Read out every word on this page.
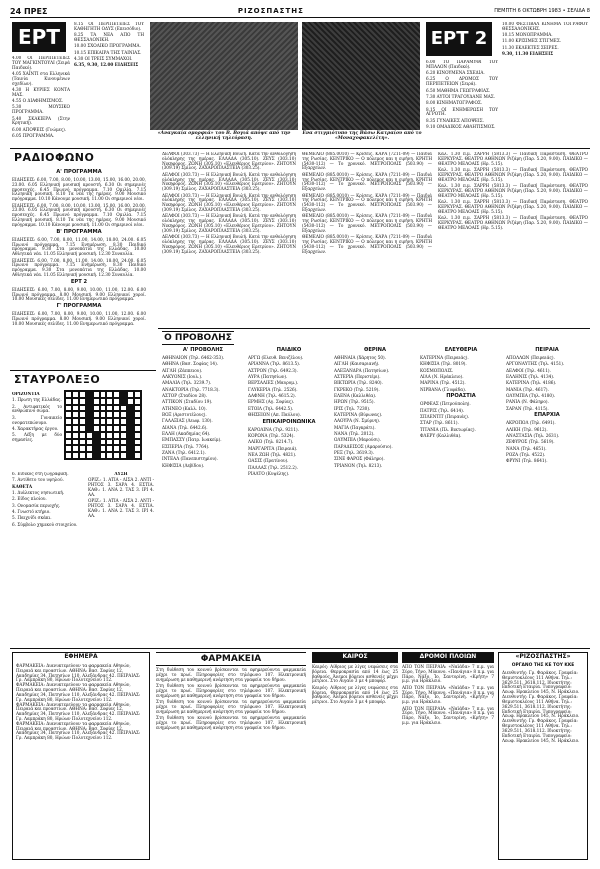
24 ΠΡΕΣ	ΡΙΖΟΣΠΑΣΤΗΣ	ΠΕΜΠΤΗ 6 ΟΚΤΩΒΡΗ 1983 • ΣΕΛΙΔΑ 8
ΕΡΤ

4.00 ΟΙ ΠΕΡΙΠΕΤΕΙΕΣ ΤΟΥ ΜΑΓΚΙΝΤΟΥΛΙ (Σειρά Παιδικό).

4.05 ΧΑΪΝΤΙ στα Ελληνικά (Ταινία Κινουμένων σχεδίων).

4.30 Η ΚΥΡΙΕΣ ΚΟΝΤΑ ΜΑΣ.

4.55 Ο ΔΙΑΦΗΜΙΣΜΟΣ.

5.30 ΜΟΥΣΙΚΟ ΠΡΟΓΡΑΜΜΑ.

5.40 ΣΚΑΚΙΕΡΑ (Στην Κρητική).

6.00 ΑΠΟΨΕΙΣ (Γνώμες).

6.05 ΠΡΟΓΡΑΜΜΑ.

8.15 ΟΙ ΠΕΡΙΠΕΤΕΙΕΣ ΤΟΥ ΚΑΘΗΓΗΤΗ ΟΔΥΣ (Επεισόδιο).

8.25 ΤΑ ΝΕΑ ΑΠΟ ΤΗ ΘΕΣΣΑΛΟΝΙΚΗ.

10.00 ΣΧΟΛΙΚΟ ΠΡΟΓΡΑΜΜΑ.

10.15 ΕΠΙΚΑΙΡΑ ΤΗΣ ΤΑΙΝΙΑΣ.

4.30 ΟΙ ΤΡΕΙΣ ΣΥΜΜΑΧΟΙ.

6.35, 9.30, 12.00 ΕΙΔΗΣΕΙΣ

«Αναγκαία ομορφιά» του Β. Βογιά απόψε από την ελληνική τηλεόραση.
Ενα στιγμιότυπο της Βάσω Κατραίου από το «Μοναχοφακελίτη».
ΕΡΤ 2

6.00 ΤΟ ΠΑΡΑΜΥΘΙ ΤΟΥ ΜΠΑΛΟΝ (Παιδικό).

6.20 ΚΙΝΟΥΜΕΝΑ ΣΧΕΔΙΑ.

6.25 Ο ΔΡΟΜΟΣ ΤΟΥ ΠΕΡΙΠΕΤΕΙΩΝ (Σειρά).

6.50 ΜΑΘΗΜΑ ΓΕΩΓΡΑΦΙΑΣ.

7.30 ΑΥΤΟΙ ΤΡΑΓΟΥΔΑΝΕ ΜΑΣ.

8.00 ΚΙΝΗΜΑΤΟΓΡΑΦΟΣ.

8.15 ΟΙ ΕΝΗΜΕΡΩΣΗ ΤΟΥ ΑΓΡΟΤΗ.

8.35 ΓΥΝΑΙΚΕΣ ΑΠΟΨΕΙΣ.

9.10 ΟΜΑΔΙΚΟΣ ΑΘΛΗΤΙΣΜΟΣ.

10.00 ΦΕΣΤΙΒΑΛ ΚΙΝΗΜΑ ΤΟΓΡΑΦΟΥ ΘΕΣΣΑΛΟΝΙΚΗΣ.

10.15 ΜΟΝΟΠΡΑΜΜΑ.

11.00 ΚΡΙΣΙΜΕΣ ΣΤΙΓΜΕΣ.

11.30 ΕΚΛΕΚΤΕΣ ΣΕΙΡΕΣ.

9.30, 11.30 ΕΙΔΗΣΕΙΣ

ΡΑΔΙΟΦΩΝΟ
Α' ΠΡΟΓΡΑΜΜΑ

ΕΙΔΗΣΕΙΣ: 6.00, 7.00, 8.00, 10.00, 13.00, 15.00, 16.00, 20.00, 23.00. 6.05 Ελληνική μουσική κρουστή. 6.30 Οι σημερινές προσευχές. 6.45 Πρωινό πρόγραμμα. 7.10 Ομιλία. 7.15 Ελληνική μουσική. 8.10 Τα νέα της ημέρας. 9.00 Μουσικό πρόγραμμα. 10.10 Κάνουμε μουσική. 11.00 Οι σημερινοί νέοι.

ΕΙΔΗΣΕΙΣ: 6.00, 7.00, 8.00, 10.00, 13.00, 15.00, 16.00, 20.00, 23.00. 6.05 Ελληνική μουσική κρουστή. 6.30 Οι σημερινές προσευχές. 6.45 Πρωινό πρόγραμμα. 7.10 Ομιλία. 7.15 Ελληνική μουσική. 8.10 Τα νέα της ημέρας. 9.00 Μουσικό πρόγραμμα. 10.10 Κάνουμε μουσική. 11.00 Οι σημερινοί νέοι.

Β' ΠΡΟΓΡΑΜΜΑ

ΕΙΔΗΣΕΙΣ: 6.00, 7.00, 8.00, 11.00, 14.00, 18.00, 24.00. 6.05 Πρωινό πρόγραμμα. 7.15 Ενημέρωση. 8.30 Παιδικό πρόγραμμα. 9.30 Στα μονοπάτια της Ελλάδας. 10.00 Αθλητικά νέα. 11.05 Ελληνική μουσική. 12.30 Συναυλία.

ΕΙΔΗΣΕΙΣ: 6.00, 7.00, 8.00, 11.00, 14.00, 18.00, 24.00. 6.05 Πρωινό πρόγραμμα. 7.15 Ενημέρωση. 8.30 Παιδικό πρόγραμμα. 9.30 Στα μονοπάτια της Ελλάδας. 10.00 Αθλητικά νέα. 11.05 Ελληνική μουσική. 12.30 Συναυλία.

ΕΡΤ 2

ΕΙΔΗΣΕΙΣ: 6.00, 7.00, 8.00, 9.00, 10.00, 11.00, 12.00. 6.00 Πρωινό πρόγραμμα. 8.00 Μουσική. 9.00 Ελληνικοί χοροί. 10.00 Μουσικές σελίδες. 11.00 Ενημερωτικό πρόγραμμα.

Γ' ΠΡΟΓΡΑΜΜΑ

ΕΙΔΗΣΕΙΣ: 6.00, 7.00, 8.00, 9.00, 10.00, 11.00, 12.00. 6.00 Πρωινό πρόγραμμα. 8.00 Μουσική. 9.00 Ελληνικοί χοροί. 10.00 Μουσικές σελίδες. 11.00 Ενημερωτικό πρόγραμμα.

ΔΕΛΦΟΙ (303.73) — Η Ελληνική Βουλή. Κατά την ανθολόγηση ολόκληρης της ημέρας. ΕΛΛΑΔΑ (305.10). ΖΕΥΣ (303.10) Νικηφόρος. ΖΩΝΗ (305.10) «Ελευθέριος Ερετρίου». ΖΗΤΟΥΝ (309.19) Σμίλος. ΖΑΧΑΡΟΠΛΑΣΤΕΙΑ (303.25).

ΔΕΛΦΟΙ (303.73) — Η Ελληνική Βουλή. Κατά την ανθολόγηση ολόκληρης της ημέρας. ΕΛΛΑΔΑ (305.10). ΖΕΥΣ (303.10) Νικηφόρος. ΖΩΝΗ (305.10) «Ελευθέριος Ερετρίου». ΖΗΤΟΥΝ (309.19) Σμίλος. ΖΑΧΑΡΟΠΛΑΣΤΕΙΑ (303.25).

ΔΕΛΦΟΙ (303.73) — Η Ελληνική Βουλή. Κατά την ανθολόγηση ολόκληρης της ημέρας. ΕΛΛΑΔΑ (305.10). ΖΕΥΣ (303.10) Νικηφόρος. ΖΩΝΗ (305.10) «Ελευθέριος Ερετρίου». ΖΗΤΟΥΝ (309.19) Σμίλος. ΖΑΧΑΡΟΠΛΑΣΤΕΙΑ (303.25).

ΔΕΛΦΟΙ (303.73) — Η Ελληνική Βουλή. Κατά την ανθολόγηση ολόκληρης της ημέρας. ΕΛΛΑΔΑ (305.10). ΖΕΥΣ (303.10) Νικηφόρος. ΖΩΝΗ (305.10) «Ελευθέριος Ερετρίου». ΖΗΤΟΥΝ (309.19) Σμίλος. ΖΑΧΑΡΟΠΛΑΣΤΕΙΑ (303.25).

ΔΕΛΦΟΙ (303.73) — Η Ελληνική Βουλή. Κατά την ανθολόγηση ολόκληρης της ημέρας. ΕΛΛΑΔΑ (305.10). ΖΕΥΣ (303.10) Νικηφόρος. ΖΩΝΗ (305.10) «Ελευθέριος Ερετρίου». ΖΗΤΟΥΝ (309.19) Σμίλος. ΖΑΧΑΡΟΠΛΑΣΤΕΙΑ (303.25).

ΘΕΜΕΛΙΟ (885.0010) — Κρίσεις. ΚΑΡΑ (7211-09) — Παιδιά της Ρωσίας. ΚΕΝΤΡΙΚΟ — Ο πόλεμος και η ειρήνη. ΚΡΗΤΗ (5430-112) — Το χρονικό. ΜΕΤΡΟΠΟΛΙΣ (503.90) — Εξαρχείων.

ΘΕΜΕΛΙΟ (885.0010) — Κρίσεις. ΚΑΡΑ (7211-09) — Παιδιά της Ρωσίας. ΚΕΝΤΡΙΚΟ — Ο πόλεμος και η ειρήνη. ΚΡΗΤΗ (5430-112) — Το χρονικό. ΜΕΤΡΟΠΟΛΙΣ (503.90) — Εξαρχείων.

ΘΕΜΕΛΙΟ (885.0010) — Κρίσεις. ΚΑΡΑ (7211-09) — Παιδιά της Ρωσίας. ΚΕΝΤΡΙΚΟ — Ο πόλεμος και η ειρήνη. ΚΡΗΤΗ (5430-112) — Το χρονικό. ΜΕΤΡΟΠΟΛΙΣ (503.90) — Εξαρχείων.

ΘΕΜΕΛΙΟ (885.0010) — Κρίσεις. ΚΑΡΑ (7211-09) — Παιδιά της Ρωσίας. ΚΕΝΤΡΙΚΟ — Ο πόλεμος και η ειρήνη. ΚΡΗΤΗ (5430-112) — Το χρονικό. ΜΕΤΡΟΠΟΛΙΣ (503.90) — Εξαρχείων.

ΘΕΜΕΛΙΟ (885.0010) — Κρίσεις. ΚΑΡΑ (7211-09) — Παιδιά της Ρωσίας. ΚΕΝΤΡΙΚΟ — Ο πόλεμος και η ειρήνη. ΚΡΗΤΗ (5430-112) — Το χρονικό. ΜΕΤΡΟΠΟΛΙΣ (503.90) — Εξαρχείων.

Καλ. 1.30 π.μ. ΣΑΡΡΗ (5813.3) — Παιδική Παράσταση. ΘΕΑΤΡΟ ΚΕΡΚΥΡΑΣ. ΘΕΑΤΡΟ ΑΘΗΝΩΝ Ριζάρη (Παρ. 5.20, 9.00). ΠΑΙΔΙΚΟ — ΘΕΑΤΡΟ ΜΕΛΟΑΙΣ (Ηρ. 5.15).

Καλ. 1.30 π.μ. ΣΑΡΡΗ (5813.3) — Παιδική Παράσταση. ΘΕΑΤΡΟ ΚΕΡΚΥΡΑΣ. ΘΕΑΤΡΟ ΑΘΗΝΩΝ Ριζάρη (Παρ. 5.20, 9.00). ΠΑΙΔΙΚΟ — ΘΕΑΤΡΟ ΜΕΛΟΑΙΣ (Ηρ. 5.15).

Καλ. 1.30 π.μ. ΣΑΡΡΗ (5813.3) — Παιδική Παράσταση. ΘΕΑΤΡΟ ΚΕΡΚΥΡΑΣ. ΘΕΑΤΡΟ ΑΘΗΝΩΝ Ριζάρη (Παρ. 5.20, 9.00). ΠΑΙΔΙΚΟ — ΘΕΑΤΡΟ ΜΕΛΟΑΙΣ (Ηρ. 5.15).

Καλ. 1.30 π.μ. ΣΑΡΡΗ (5813.3) — Παιδική Παράσταση. ΘΕΑΤΡΟ ΚΕΡΚΥΡΑΣ. ΘΕΑΤΡΟ ΑΘΗΝΩΝ Ριζάρη (Παρ. 5.20, 9.00). ΠΑΙΔΙΚΟ — ΘΕΑΤΡΟ ΜΕΛΟΑΙΣ (Ηρ. 5.15).

Καλ. 1.30 π.μ. ΣΑΡΡΗ (5813.3) — Παιδική Παράσταση. ΘΕΑΤΡΟ ΚΕΡΚΥΡΑΣ. ΘΕΑΤΡΟ ΑΘΗΝΩΝ Ριζάρη (Παρ. 5.20, 9.00). ΠΑΙΔΙΚΟ — ΘΕΑΤΡΟ ΜΕΛΟΑΙΣ (Ηρ. 5.15).

Ο ΠΡΟΒΟΛΗΣ
ΣΤΑΥΡΟΛΕΞΟ

ΟΡΙΖΟΝΤΙΑ

1. Πρωτη της Ελλάδας.

2. Αντιφατικός το ανθρώπινο σώμα.

3. Γυναικείο ονοματεπώνυμο.

4. Χαρακτήρας έργου.

5. Λέξη με δύο σημασίες.

6. Ειδικός στη ζωγραφική.

7. Αντίθετο του υψηλού.

ΚΑΘΕΤΑ

1. Διάλεκτος νησιωτική.

2. Είδος πλοίου.

3. Ονομασία περιοχής.

4. Γνωστό κτήριο.

5. Παιχνίδι σκάκι.

6. Σύμβολο χημικού στοιχείου.

ΛΥΣΗ

ΟΡΙΖ.: 1. ΑΤΙΑ - ΛΙΣΑ 2. ΑΝΤΙ - ΡΗΤΟΣ 3. ΣΑΡΑ 4. ΕΣΤΙΑ. ΚΑΘ.: 1. ΑΝΑ 2. ΤΑΣ 3. ΙΡΙ 4. ΑΑ.

ΟΡΙΖ.: 1. ΑΤΙΑ - ΛΙΣΑ 2. ΑΝΤΙ - ΡΗΤΟΣ 3. ΣΑΡΑ 4. ΕΣΤΙΑ. ΚΑΘ.: 1. ΑΝΑ 2. ΤΑΣ 3. ΙΡΙ 4. ΑΑ.

Α' ΠΡΟΒΟΛΗΣ

ΑΘΗΝΑΙΟΝ (Τηλ. 6462-353).

ΑΘΗΝΑ (Βασ. Σοφίας 14).

ΑΙΓΛΗ (Ζάππειου).

ΑΛΚΥΟΝΙΣ (Ιουλ.).

ΑΜΑΛΙΑ (Τηλ. 3239.7).

ΑΝΑΚΤΟΡΙΑ (Τηλ. 7718.3).

ΑΣΤΟΡ (Σταδίου 28).

ΑΤΤΙΚΟΝ (Σταδίου 19).

ΑΤΗΝΕΟ (Καλλ. 10).

ΒΟΞ (Αριστοτέλους).

ΓΑΛΑΞΙΑΣ (Λεωφ. 130).

ΔΙΑΝΑ (Τηλ. 6442.6).

ΕΛΛΗ (Ακαδημίας 64).

ΕΜΠΑΣΣΥ (Πατρ. Ιωακείμ).

ΕΣΠΕΡΙΑ (Τηλ. 7764).

ΖΑΝΑ (Τηλ. 6412.1).

ΙΝΤΕΑΛ (Πανεπιστημίου).

ΚΗΦΙΣΙΑ (Λεβίδου).

ΠΑΙΔΙΚΟ

ΑΡΓΩ (Ελευθ. Βενιζέλου).

ΑΡΙΑΝΝΑ (Τηλ. 8613.5).

ΑΣΤΡΟΝ (Τηλ. 6492.3).

ΑΥΡΑ (Πατησίων).

ΒΕΡΣΑΛΙΕΣ (Μαυρομ.).

ΓΛΥΚΕΡΙΑ (Τηλ. 2526).

ΔΑΦΝΗ (Τηλ. 4615.2).

ΕΡΜΗΣ (Αγ. Σοφίας).

ΕΤΟΙΛ (Τηλ. 6442.5).

ΘΗΣΕΙΟΝ (Απ. Παύλου).

ΕΠΙΚΑΙΡΟΙΝΩΝΙΚΑ

ΚΑΡΟΛΙΝΑ (Τηλ. 9211).

ΚΟΡΩΝΑ (Τηλ. 5324).

ΛΑΙΚΟ (Τηλ. 8214.7).

ΜΑΡΓΑΡΙΤΑ (Πειραιά).

ΝΕΑ ΖΩΗ (Τηλ. 4821).

ΟΑΣΙΣ (Πρατίνου).

ΠΑΛΛΑΣ (Τηλ. 2512.2).

ΡΙΑΛΤΟ (Κυψέλης).

ΘΕΡΙΝΑ

ΑΘΗΝΑΙΑ (Χάρητος 50).

ΑΙΓΛΗ (Καισαριανή).

ΑΛΕΞΑΝΔΡΑ (Πατησίων).

ΑΣΤΕΡΙΑ (Περιστέρι).

ΒΙΚΤΩΡΙΑ (Τηλ. 8240).

ΓΚΡΕΚΟ (Τηλ. 5219).

ΕΛΕΝΑ (Καλλιθέα).

ΗΡΩΝ (Τηλ. 9515).

ΙΡΙΣ (Τηλ. 7230).

ΚΑΤΕΡΙΝΑ (Βύρωνας).

ΛΑΟΥΡΑ (Ν. Σμύρνη).

ΜΑΓΙΑ (Παγκράτι).

ΝΑΝΑ (Τηλ. 2012).

ΟΛΥΜΠΙΑ (Μαρούσι).

ΠΑΡΑΔΕΙΣΟΣ (Αμαρούσιο).

ΡΕΞ (Τηλ. 3619.3).

ΣΙΝΕ ΦΑΡΟΣ (Φάληρο).

ΤΡΙΑΝΟΝ (Τηλ. 8213).

ΕΛΕΥΘΕΡΙΑ

ΚΑΤΕΡΙΝΑ (Πειραιάς).

ΚΗΦΙΣΙΑ (Τηλ. 8019).

ΚΟΣΜΟΠΟΛΙΣ.

ΛΙΛΑ (Ν. Ηράκλειο).

ΜΑΡΙΝΑ (Τηλ. 4512).

ΝΙΡΒΑΝΑ (Γλυφάδα).

ΠΡΟΑΣΤΙΑ

ΟΡΦΕΑΣ (Πετρούπολη).

ΠΑΤΡΙΣ (Τηλ. 6414).

ΣΠΛΕΝΤΙΤ (Πειραιάς).

ΣΤΑΡ (Τηλ. 8611).

ΤΙΤΑΝΙΑ (Πλ. Βικτωρίας).

ΦΛΕΡΥ (Καλλιθέα).

ΠΕΙΡΑΙΑ

ΑΠΟΛΛΩΝ (Πειραιάς).

ΑΡΓΟΝΑΥΤΗΣ (Τηλ. 4151).

ΔΕΛΦΟΙ (Τηλ. 4611).

ΕΛΛΗΝΙΣ (Τηλ. 4134).

ΚΑΤΕΡΙΝΑ (Τηλ. 4186).

ΜΑΝΙΑ (Τηλ. 4617).

ΟΛΥΜΠΙΑ (Τηλ. 4180).

ΡΑΝΙΑ (Ν. Φάληρο).

ΣΑΡΑΝ (Τηλ. 4115).

ΕΠΑΡΧΙΑ

ΑΚΡΟΠΟΛ (Τηλ. 6491).

ΑΛΙΚΗ (Τηλ. 9612).

ΑΝΑΣΤΑΣΙΑ (Τηλ. 2631).

ΖΕΦΥΡΟΣ (Τηλ. 5619).

ΝΑΝΑ (Τηλ. 4651).

ΡΟΖΑ (Τηλ. 4522).

ΦΡΥΝΙ (Τηλ. 8641).

ΕΦΗΜΕΡΑ

ΦΑΡΜΑΚΕΙΑ: Διανυκτερεύουν τα φαρμακεία Αθηνών, Πειραιά και προαστίων. ΑΘΗΝΑ: Βασ. Σοφίας 12, Ακαδημίας 34, Πατησίων 110, Αλεξάνδρας 42. ΠΕΙΡΑΙΑΣ: Γρ. Λαμπράκη 80, Ηρώων Πολυτεχνείου 112.

ΦΑΡΜΑΚΕΙΑ: Διανυκτερεύουν τα φαρμακεία Αθηνών, Πειραιά και προαστίων. ΑΘΗΝΑ: Βασ. Σοφίας 12, Ακαδημίας 34, Πατησίων 110, Αλεξάνδρας 42. ΠΕΙΡΑΙΑΣ: Γρ. Λαμπράκη 80, Ηρώων Πολυτεχνείου 112.

ΦΑΡΜΑΚΕΙΑ: Διανυκτερεύουν τα φαρμακεία Αθηνών, Πειραιά και προαστίων. ΑΘΗΝΑ: Βασ. Σοφίας 12, Ακαδημίας 34, Πατησίων 110, Αλεξάνδρας 42. ΠΕΙΡΑΙΑΣ: Γρ. Λαμπράκη 80, Ηρώων Πολυτεχνείου 112.

ΦΑΡΜΑΚΕΙΑ: Διανυκτερεύουν τα φαρμακεία Αθηνών, Πειραιά και προαστίων. ΑΘΗΝΑ: Βασ. Σοφίας 12, Ακαδημίας 34, Πατησίων 110, Αλεξάνδρας 42. ΠΕΙΡΑΙΑΣ: Γρ. Λαμπράκη 80, Ηρώων Πολυτεχνείου 112.

ΦΑΡΜΑΚΕΙΑ

Στη διάθεση του κοινού βρίσκονται τα εφημερεύοντα φαρμακεία μέχρι το πρωί. Πληροφορίες στο τηλέφωνο 107. Ηλεκτρονική ενημέρωση με καθημερινή ανάρτηση στα γραφεία του δήμου.

Στη διάθεση του κοινού βρίσκονται τα εφημερεύοντα φαρμακεία μέχρι το πρωί. Πληροφορίες στο τηλέφωνο 107. Ηλεκτρονική ενημέρωση με καθημερινή ανάρτηση στα γραφεία του δήμου.

Στη διάθεση του κοινού βρίσκονται τα εφημερεύοντα φαρμακεία μέχρι το πρωί. Πληροφορίες στο τηλέφωνο 107. Ηλεκτρονική ενημέρωση με καθημερινή ανάρτηση στα γραφεία του δήμου.

Στη διάθεση του κοινού βρίσκονται τα εφημερεύοντα φαρμακεία μέχρι το πρωί. Πληροφορίες στο τηλέφωνο 107. Ηλεκτρονική ενημέρωση με καθημερινή ανάρτηση στα γραφεία του δήμου.

ΚΑΙΡΟΣ

Καιρός: Αίθριος με λίγες νεφώσεις στα βόρεια. Θερμοκρασία από 14 έως 25 βαθμούς. Άνεμοι βόρειοι ασθενείς μέχρι μέτριοι. Στο Αιγαίο 3 με 4 μποφόρ.

Καιρός: Αίθριος με λίγες νεφώσεις στα βόρεια. Θερμοκρασία από 14 έως 25 βαθμούς. Άνεμοι βόρειοι ασθενείς μέχρι μέτριοι. Στο Αιγαίο 3 με 4 μποφόρ.

ΔΡΟΜΟΙ ΠΛΟΙΩΝ

ΑΠΟ ΤΟΝ ΠΕΙΡΑΙΑ: «Ναϊάδα» 7 π.μ. για Σύρο, Τήνο, Μύκονο. «Πανάγια» 8 π.μ. για Πάρο, Νάξο, Ίο, Σαντορίνη. «Κρήτη» 7 μ.μ. για Ηράκλειο.

ΑΠΟ ΤΟΝ ΠΕΙΡΑΙΑ: «Ναϊάδα» 7 π.μ. για Σύρο, Τήνο, Μύκονο. «Πανάγια» 8 π.μ. για Πάρο, Νάξο, Ίο, Σαντορίνη. «Κρήτη» 7 μ.μ. για Ηράκλειο.

ΑΠΟ ΤΟΝ ΠΕΙΡΑΙΑ: «Ναϊάδα» 7 π.μ. για Σύρο, Τήνο, Μύκονο. «Πανάγια» 8 π.μ. για Πάρο, Νάξο, Ίο, Σαντορίνη. «Κρήτη» 7 μ.μ. για Ηράκλειο.

«ΡΙΖΟΣΠΑΣΤΗΣ»
ΟΡΓΑΝΟ ΤΗΣ ΚΕ ΤΟΥ ΚΚΕ

Διευθυντής: Γρ. Φαράκος. Γραφεία: Θεμιστοκλέους 111 Αθήνα. Τηλ.: 3629.511, 3618.112. Ιδιοκτήτης: Εκδοτική Εταιρία. Τυπογραφείο: Λεωφ. Ηρακλείου 145, Ν. Ηράκλειο.

Διευθυντής: Γρ. Φαράκος. Γραφεία: Θεμιστοκλέους 111 Αθήνα. Τηλ.: 3629.511, 3618.112. Ιδιοκτήτης: Εκδοτική Εταιρία. Τυπογραφείο: Λεωφ. Ηρακλείου 145, Ν. Ηράκλειο.

Διευθυντής: Γρ. Φαράκος. Γραφεία: Θεμιστοκλέους 111 Αθήνα. Τηλ.: 3629.511, 3618.112. Ιδιοκτήτης: Εκδοτική Εταιρία. Τυπογραφείο: Λεωφ. Ηρακλείου 145, Ν. Ηράκλειο.
